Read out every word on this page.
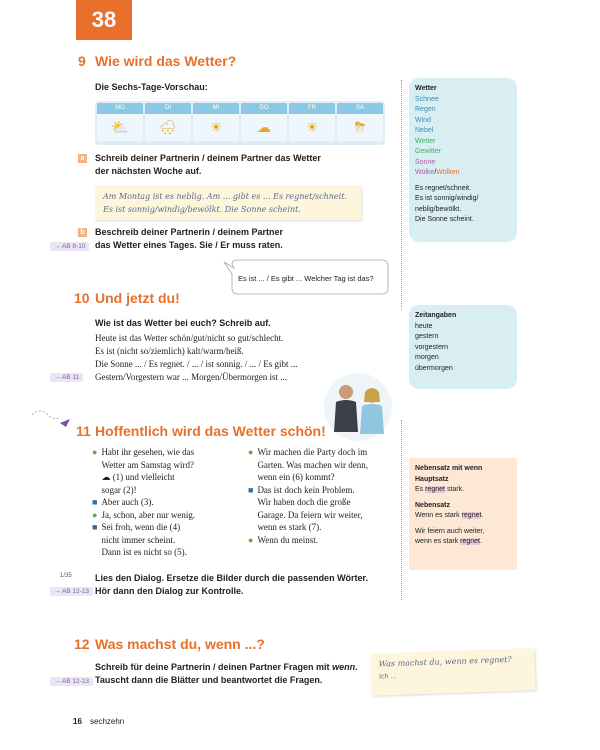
38
9 Wie wird das Wetter?
Die Sechs-Tage-Vorschau:
MO
⛅
DI
🌧
MI
☀
DO
☁
FR
☀
SA
⛈
a Schreib deiner Partnerin / deinem Partner das Wetter
der nächsten Woche auf.
Am Montag ist es neblig. Am ... gibt es ... Es regnet/schneit.
Es ist sonnig/windig/bewölkt. Die Sonne scheint.
b
→ AB 8-10
Beschreib deiner Partnerin / deinem Partner
das Wetter eines Tages. Sie / Er muss raten.
Es ist ... / Es gibt ... Welcher Tag ist das?
Wetter
Schnee
Regen
Wind
Nebel
Wetter
Gewitter
Sonne
Wolke/Wolken
Es regnet/schneit.
Es ist sonnig/windig/
neblig/bewölkt.
Die Sonne scheint.
10 Und jetzt du!
Wie ist das Wetter bei euch? Schreib auf.
Heute ist das Wetter schön/gut/nicht so gut/schlecht.
Es ist (nicht so/ziemlich) kalt/warm/heiß.
Die Sonne ... / Es regnet. / ... / ist sonnig. / ... / Es gibt ...
Gestern/Vorgestern war ... Morgen/Übermorgen ist ...
→ AB 11
Zeitangaben
heute
gestern
vorgestern
morgen
übermorgen
11 Hoffentlich wird das Wetter schön!
● Habt ihr gesehen, wie das
Wetter am Samstag wird?
☁ (1) und vielleicht
sogar (2)!
■ Aber auch (3).
● Ja, schon, aber nur wenig.
■ Sei froh, wenn die (4)
nicht immer scheint.
Dann ist es nicht so (5).
● Wir machen die Party doch im
Garten. Was machen wir denn,
wenn ein (6) kommt?
■ Das ist doch kein Problem.
Wir haben doch die große
Garage. Da feiern wir weiter,
wenn es stark (7).
● Wenn du meinst.
1/35
→ AB 12-13
Lies den Dialog. Ersetze die Bilder durch die passenden Wörter.
Hör dann den Dialog zur Kontrolle.
Nebensatz mit wenn
Hauptsatz
Es regnet stark.
Nebensatz
Wenn es stark regnet.
Wir feiern auch weiter,
wenn es stark regnet.
12 Was machst du, wenn ...?
Schreib für deine Partnerin / deinen Partner Fragen mit wenn.
→ AB 12-13 Tauscht dann die Blätter und beantwortet die Fragen.
Was machst du, wenn es regnet?
Ich ...
16 sechzehn
